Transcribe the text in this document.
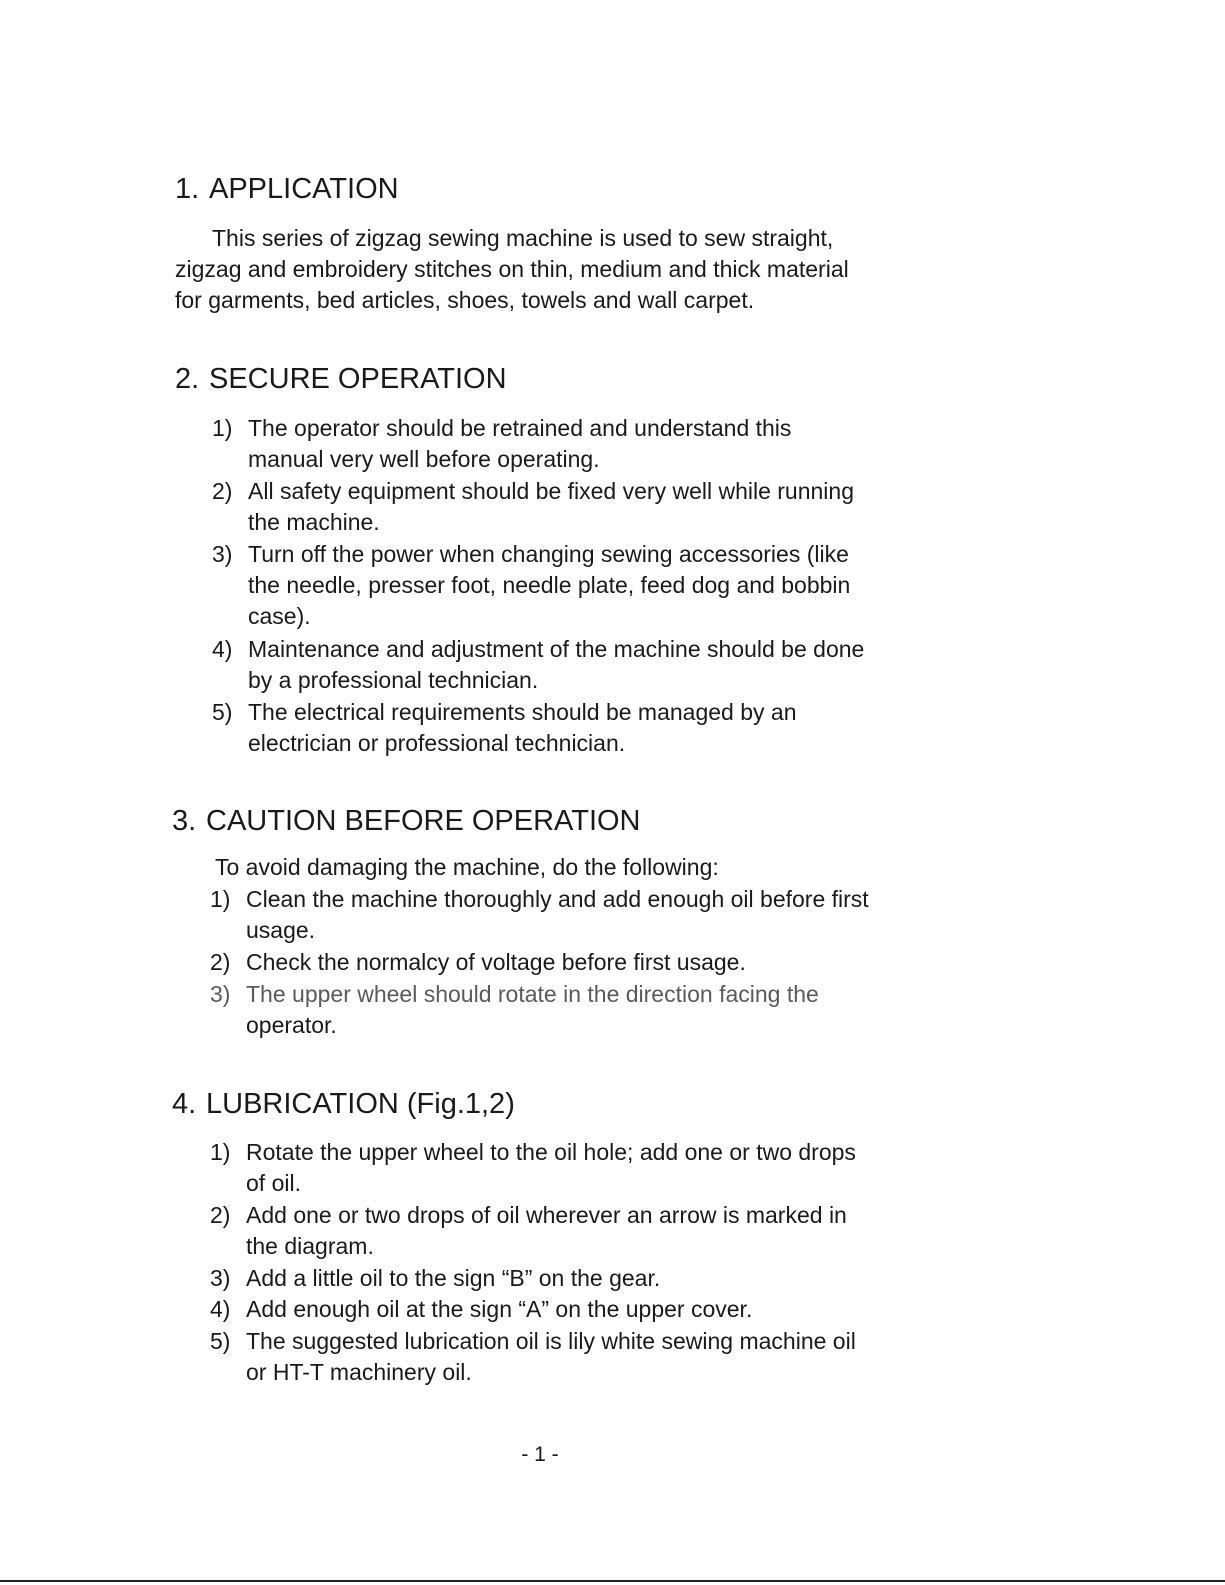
1. APPLICATION
This series of zigzag sewing machine is used to sew straight,
zigzag and embroidery stitches on thin, medium and thick material
for garments, bed articles, shoes, towels and wall carpet.
2. SECURE OPERATION
1) The operator should be retrained and understand this
manual very well before operating.
2) All safety equipment should be fixed very well while running
the machine.
3) Turn off the power when changing sewing accessories (like
the needle, presser foot, needle plate, feed dog and bobbin
case).
4) Maintenance and adjustment of the machine should be done
by a professional technician.
5) The electrical requirements should be managed by an
electrician or professional technician.
3. CAUTION BEFORE OPERATION
To avoid damaging the machine, do the following:
1) Clean the machine thoroughly and add enough oil before first
usage.
2) Check the normalcy of voltage before first usage.
3) The upper wheel should rotate in the direction facing the
operator.
4. LUBRICATION (Fig.1,2)
1) Rotate the upper wheel to the oil hole; add one or two drops
of oil.
2) Add one or two drops of oil wherever an arrow is marked in
the diagram.
3) Add a little oil to the sign “B” on the gear.
4) Add enough oil at the sign “A” on the upper cover.
5) The suggested lubrication oil is lily white sewing machine oil
or HT-T machinery oil.
- 1 -
